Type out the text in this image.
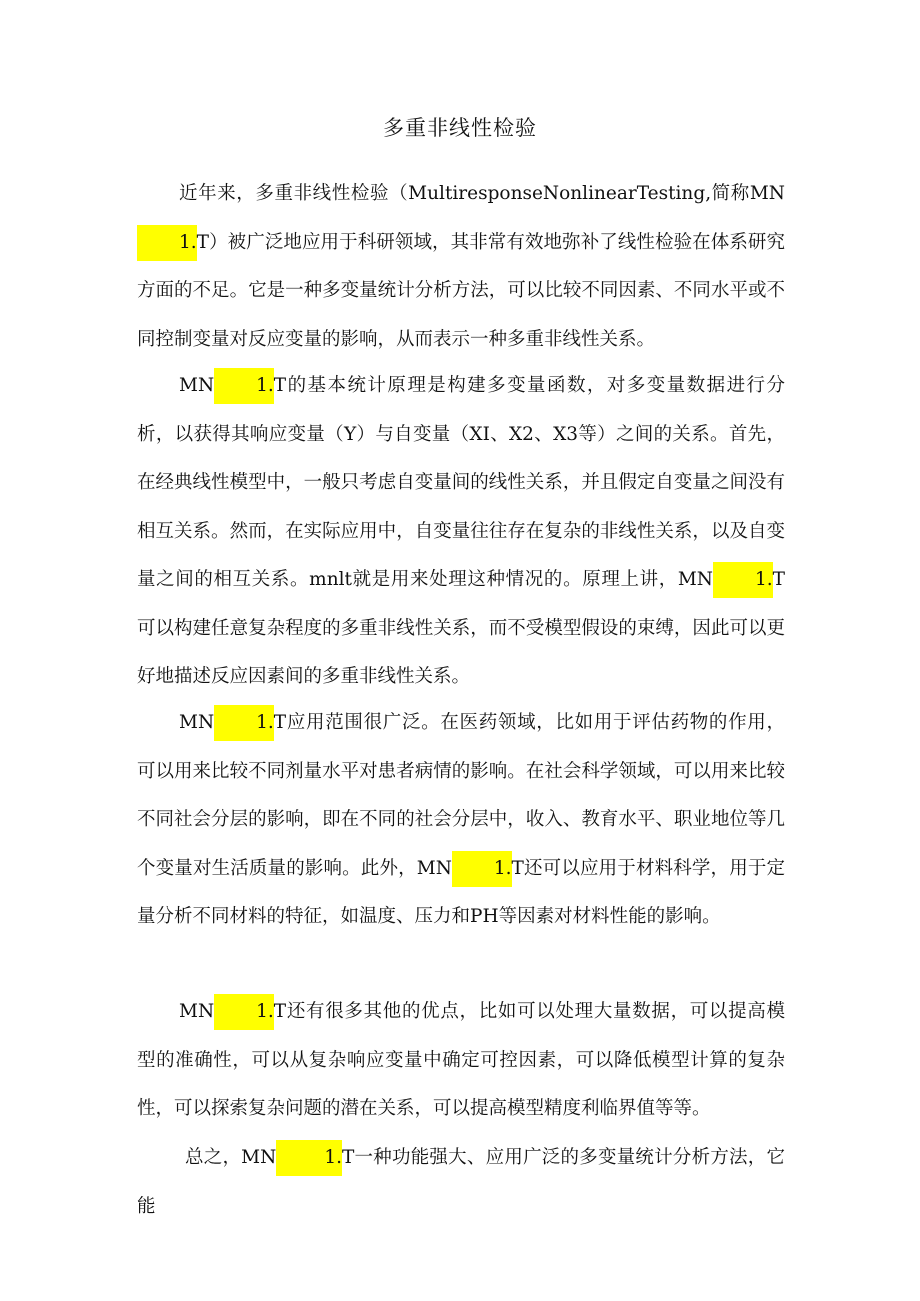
多重非线性检验

近年来，多重非线性检验（MultiresponseNonlinearTesting,简称MN1.T）被广泛地应用于科研领域，其非常有效地弥补了线性检验在体系研究方面的不足。它是一种多变量统计分析方法，可以比较不同因素、不同水平或不同控制变量对反应变量的影响，从而表示一种多重非线性关系。

MN 1.T的基本统计原理是构建多变量函数，对多变量数据进行分析，以获得其响应变量（Y）与自变量（XI、X2、X3等）之间的关系。首先，在经典线性模型中，一般只考虑自变量间的线性关系，并且假定自变量之间没有相互关系。然而，在实际应用中，自变量往往存在复杂的非线性关系，以及自变量之间的相互关系。mnlt就是用来处理这种情况的。原理上讲，MN 1.T可以构建任意复杂程度的多重非线性关系，而不受模型假设的束缚，因此可以更好地描述反应因素间的多重非线性关系。

MN 1.T应用范围很广泛。在医药领域，比如用于评估药物的作用，可以用来比较不同剂量水平对患者病情的影响。在社会科学领域，可以用来比较不同社会分层的影响，即在不同的社会分层中，收入、教育水平、职业地位等几个变量对生活质量的影响。此外，MN 1.T还可以应用于材料科学，用于定量分析不同材料的特征，如温度、压力和PH等因素对材料性能的影响。

MN 1.T还有很多其他的优点，比如可以处理大量数据，可以提高模型的准确性，可以从复杂响应变量中确定可控因素，可以降低模型计算的复杂性，可以探索复杂问题的潜在关系，可以提高模型精度利临界值等等。

总之，MN	1.T一种功能强大、应用广泛的多变量统计分析方法，它能
